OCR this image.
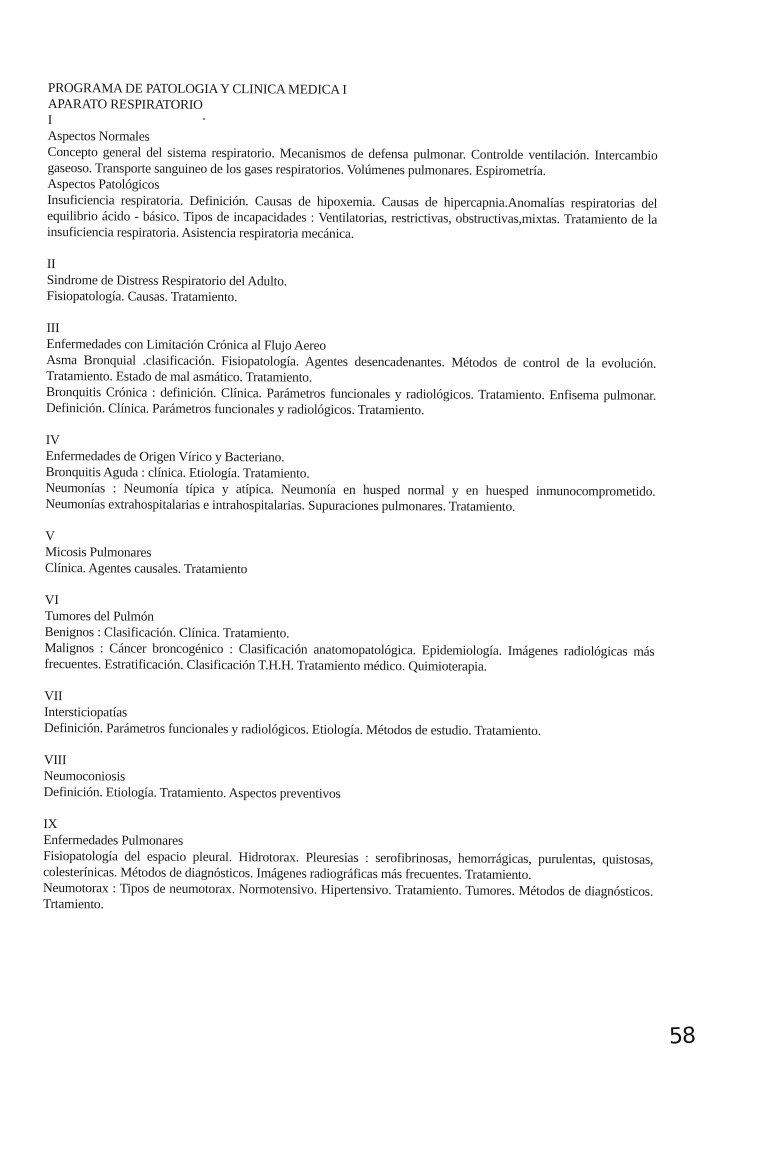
PROGRAMA DE PATOLOGIA Y CLINICA MEDICA I
APARATO RESPIRATORIO
I
Aspectos Normales
Concepto general del sistema respiratorio. Mecanismos de defensa pulmonar. Controlde ventilación. Intercambio gaseoso. Transporte sanguineo de los gases respiratorios. Volúmenes pulmonares. Espirometría.
Aspectos Patológicos
Insuficiencia respiratoria. Definición. Causas de hipoxemia. Causas de hipercapnia.Anomalías respiratorias del equilibrio ácido - básico. Tipos de incapacidades : Ventilatorias, restrictivas, obstructivas,mixtas. Tratamiento de la insuficiencia respiratoria. Asistencia respiratoria mecánica.
II
Sindrome de Distress Respiratorio del Adulto.
Fisiopatología. Causas. Tratamiento.
III
Enfermedades con Limitación Crónica al Flujo Aereo
Asma Bronquial .clasificación. Fisiopatología. Agentes desencadenantes. Métodos de control de la evolución. Tratamiento. Estado de mal asmático. Tratamiento.
Bronquitis Crónica : definición. Clínica. Parámetros funcionales y radiológicos. Tratamiento. Enfisema pulmonar. Definición. Clínica. Parámetros funcionales y radiológicos. Tratamiento.
IV
Enfermedades de Origen Vírico y Bacteriano.
Bronquitis Aguda : clínica. Etiología. Tratamiento.
Neumonías : Neumonía típica y atípica. Neumonía en husped normal y en huesped inmunocomprometido. Neumonías extrahospitalarias e intrahospitalarias. Supuraciones pulmonares. Tratamiento.
V
Micosis Pulmonares
Clínica. Agentes causales. Tratamiento
VI
Tumores del Pulmón
Benignos : Clasificación. Clínica. Tratamiento.
Malignos : Cáncer broncogénico : Clasificación anatomopatológica. Epidemiología. Imágenes radiológicas más frecuentes. Estratificación. Clasificación T.H.H. Tratamiento médico. Quimioterapia.
VII
Intersticiopatías
Definición. Parámetros funcionales y radiológicos. Etiología. Métodos de estudio. Tratamiento.
VIII
Neumoconiosis
Definición. Etiología. Tratamiento. Aspectos preventivos
IX
Enfermedades Pulmonares
Fisiopatología del espacio pleural. Hidrotorax. Pleuresias : serofibrinosas, hemorrágicas, purulentas, quistosas, colesterínicas. Métodos de diagnósticos. Imágenes radiográficas más frecuentes. Tratamiento.
Neumotorax : Tipos de neumotorax. Normotensivo. Hipertensivo. Tratamiento. Tumores. Métodos de diagnósticos. Trtamiento.
58
